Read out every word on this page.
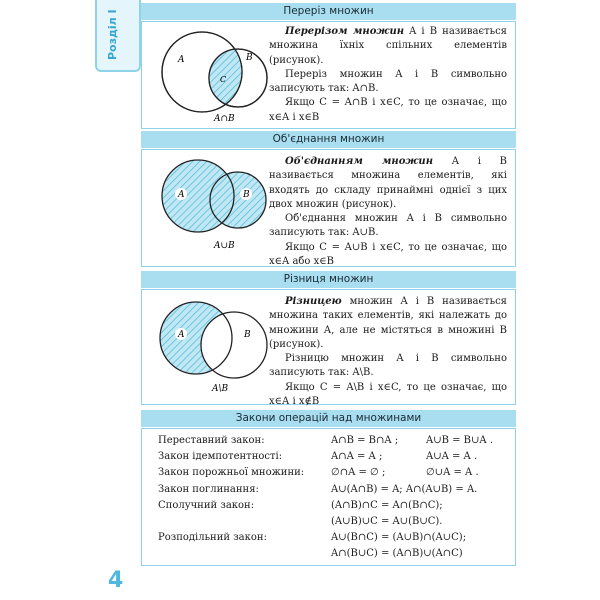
Розділ І	Переріз множин
A	B
C
A∩B

Перерізом множин A і B називається множина їхніх спільних елементів (рисунок).

Переріз множин A і B символьно записують так: A∩B.

Якщо C = A∩B і x∈C, то це означає, що x∈A і x∈B

Об'єднання множин
A	B
A∪B

Об'єднанням множин A і B називається множина елементів, які входять до складу принаймні однієї з цих двох множин (рисунок).

Об'єднання множин A і B символьно записують так: A∪B.

Якщо C = A∪B і x∈C, то це означає, що x∈A або x∈B

Різниця множин
A	B
A\B

Різницею множин A і B називається множина таких елементів, які належать до множини A, але не містяться в множині B (рисунок).

Різницю множин A і B символьно записують так: A\B.

Якщо C = A\B і x∈C, то це означає, що x∈A і x∉B

Закони операцій над множинами
Переставний закон:	A∩B = B∩A ;	A∪B = B∪A .
Закон ідемпотентності:	A∩A = A ;	A∪A = A .
Закон порожньої множини:	∅∩A = ∅ ;	∅∪A = A .
Закон поглинання:	A∪(A∩B) = A; A∩(A∪B) = A.
Сполучний закон:	(A∩B)∩C = A∩(B∩C);
(A∪B)∪C = A∪(B∪C).
Розподільний закон:	A∪(B∩C) = (A∪B)∩(A∪C);
A∩(B∪C) = (A∩B)∪(A∩C)
4
